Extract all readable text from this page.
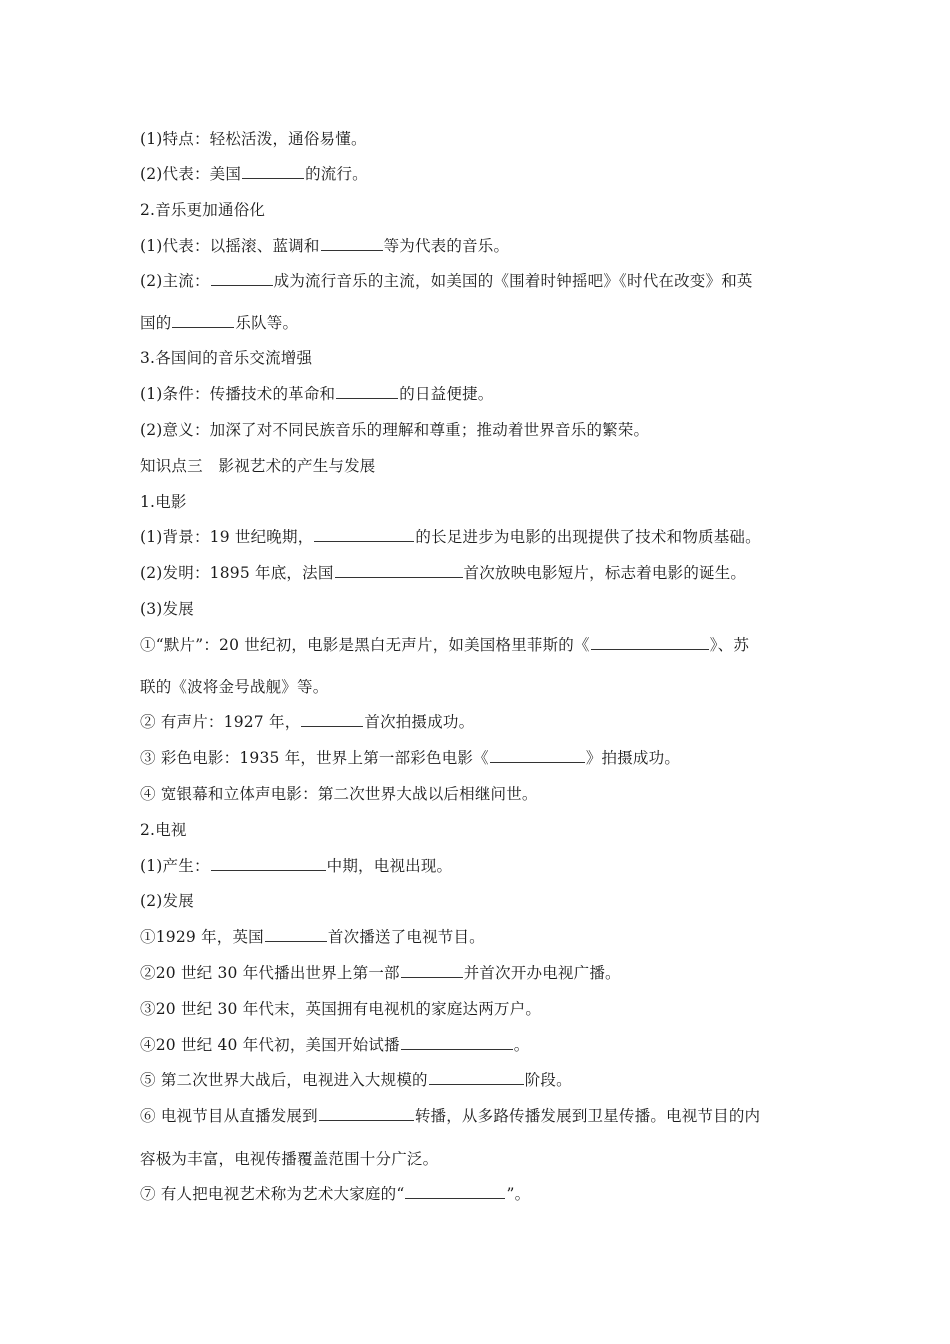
(1)特点：轻松活泼，通俗易懂。
(2)代表：美国	的流行。
2.音乐更加通俗化
(1)代表：以摇滚、蓝调和	等为代表的音乐。
(2)主流：	成为流行音乐的主流，如美国的《围着时钟摇吧》《时代在改变》和英
国的	乐队等。
3.各国间的音乐交流增强
(1)条件：传播技术的革命和	的日益便捷。
(2)意义：加深了对不同民族音乐的理解和尊重；推动着世界音乐的繁荣。
知识点三　影视艺术的产生与发展
1.电影
(1)背景：19 世纪晚期，	的长足进步为电影的出现提供了技术和物质基础。
(2)发明：1895 年底，法国	首次放映电影短片，标志着电影的诞生。
(3)发展
①“默片”：20 世纪初，电影是黑白无声片，如美国格里菲斯的《	》、苏
联的《波将金号战舰》等。
② 有声片：1927 年，	首次拍摄成功。
③ 彩色电影：1935 年，世界上第一部彩色电影《	》拍摄成功。
④ 宽银幕和立体声电影：第二次世界大战以后相继问世。
2.电视
(1)产生：	中期，电视出现。
(2)发展
①1929 年，英国	首次播送了电视节目。
②20 世纪 30 年代播出世界上第一部	并首次开办电视广播。
③20 世纪 30 年代末，英国拥有电视机的家庭达两万户。
④20 世纪 40 年代初，美国开始试播	。
⑤ 第二次世界大战后，电视进入大规模的	阶段。
⑥ 电视节目从直播发展到	转播，从多路传播发展到卫星传播。电视节目的内
容极为丰富，电视传播覆盖范围十分广泛。
⑦ 有人把电视艺术称为艺术大家庭的“	”。
